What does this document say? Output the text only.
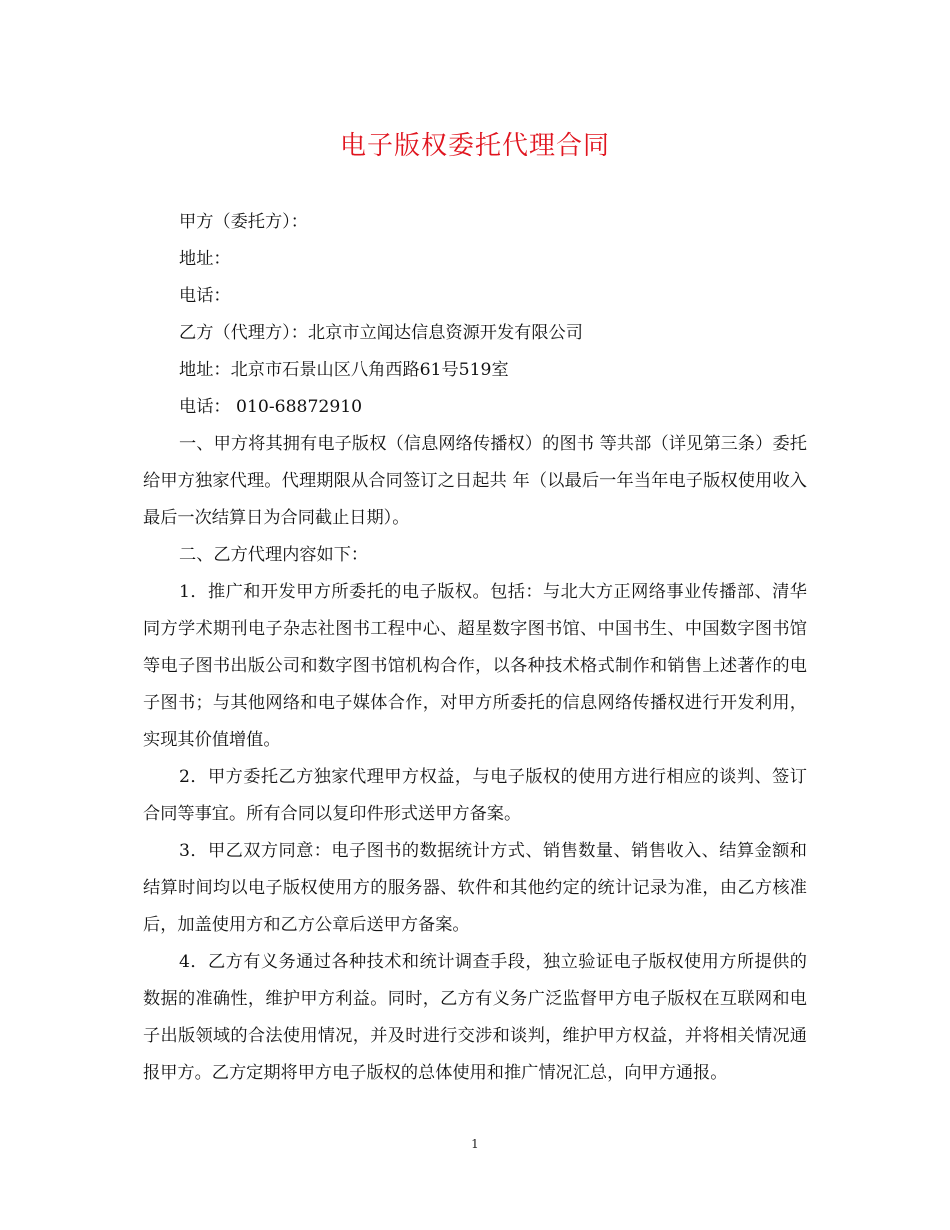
电子版权委托代理合同

甲方（委托方）：

地址：

电话：

乙方（代理方）：北京市立闻达信息资源开发有限公司

地址：北京市石景山区八角西路61号519室

电话： 010-68872910

一、甲方将其拥有电子版权（信息网络传播权）的图书 等共部（详见第三条）委托给甲方独家代理。代理期限从合同签订之日起共 年（以最后一年当年电子版权使用收入最后一次结算日为合同截止日期）。

二、乙方代理内容如下：

1．推广和开发甲方所委托的电子版权。包括：与北大方正网络事业传播部、清华同方学术期刊电子杂志社图书工程中心、超星数字图书馆、中国书生、中国数字图书馆等电子图书出版公司和数字图书馆机构合作，以各种技术格式制作和销售上述著作的电子图书；与其他网络和电子媒体合作，对甲方所委托的信息网络传播权进行开发利用，实现其价值增值。

2．甲方委托乙方独家代理甲方权益，与电子版权的使用方进行相应的谈判、签订合同等事宜。所有合同以复印件形式送甲方备案。

3．甲乙双方同意：电子图书的数据统计方式、销售数量、销售收入、结算金额和结算时间均以电子版权使用方的服务器、软件和其他约定的统计记录为准，由乙方核准后，加盖使用方和乙方公章后送甲方备案。

4．乙方有义务通过各种技术和统计调查手段，独立验证电子版权使用方所提供的数据的准确性，维护甲方利益。同时，乙方有义务广泛监督甲方电子版权在互联网和电子出版领域的合法使用情况，并及时进行交涉和谈判，维护甲方权益，并将相关情况通报甲方。乙方定期将甲方电子版权的总体使用和推广情况汇总，向甲方通报。

1
